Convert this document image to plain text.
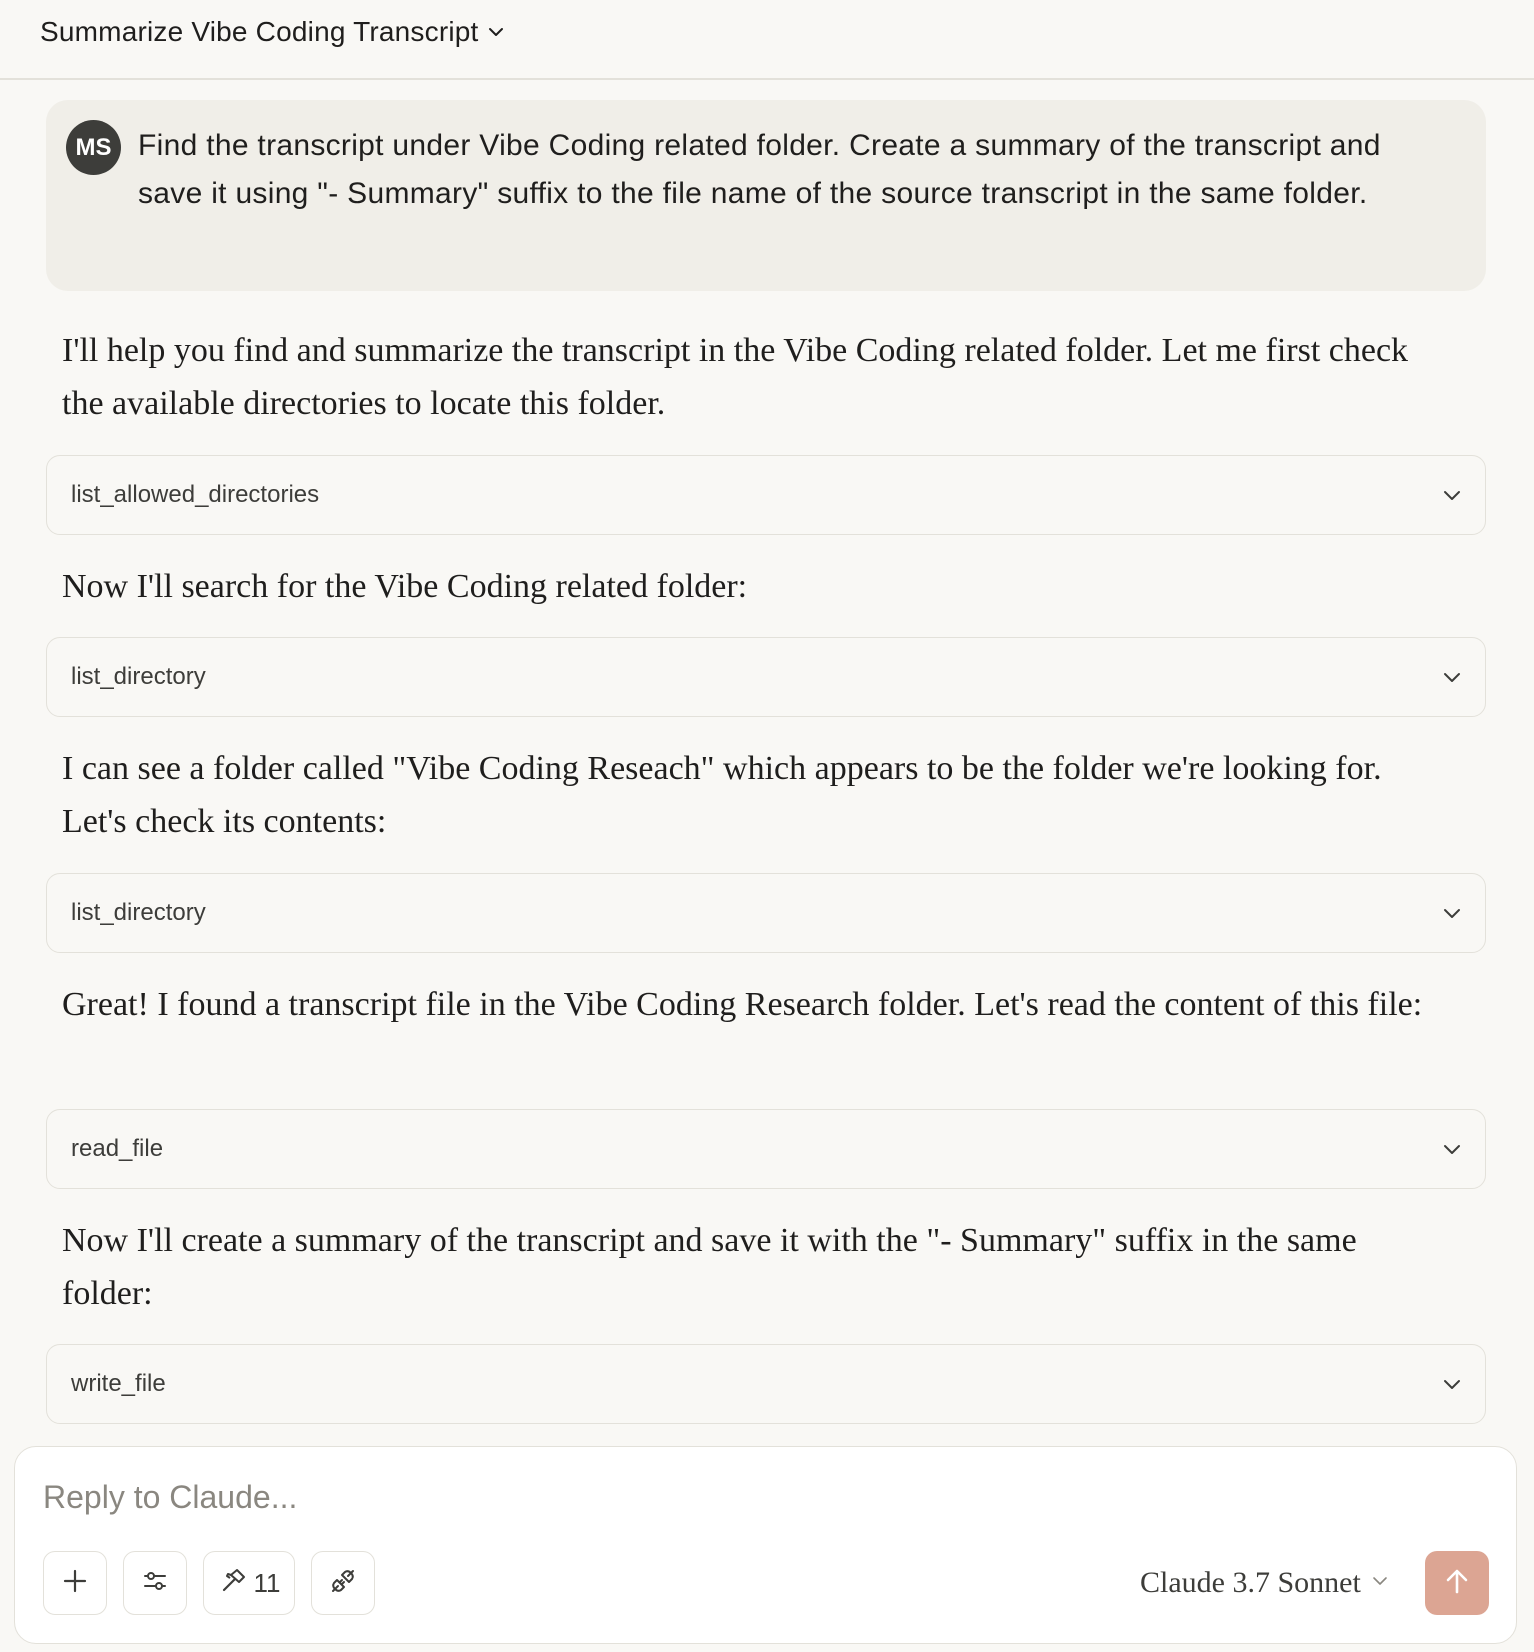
Summarize Vibe Coding Transcript
MS Find the transcript under Vibe Coding related folder. Create a summary of the transcript and save it using "- Summary" suffix to the file name of the source transcript in the same folder.
I'll help you find and summarize the transcript in the Vibe Coding related folder. Let me first check the available directories to locate this folder.
list_allowed_directories
Now I'll search for the Vibe Coding related folder:
list_directory
I can see a folder called "Vibe Coding Reseach" which appears to be the folder we're looking for. Let's check its contents:
list_directory
Great! I found a transcript file in the Vibe Coding Research folder. Let's read the content of this file:
read_file
Now I'll create a summary of the transcript and save it with the "- Summary" suffix in the same folder:
write_file
Reply to Claude...
11	Claude 3.7 Sonnet
